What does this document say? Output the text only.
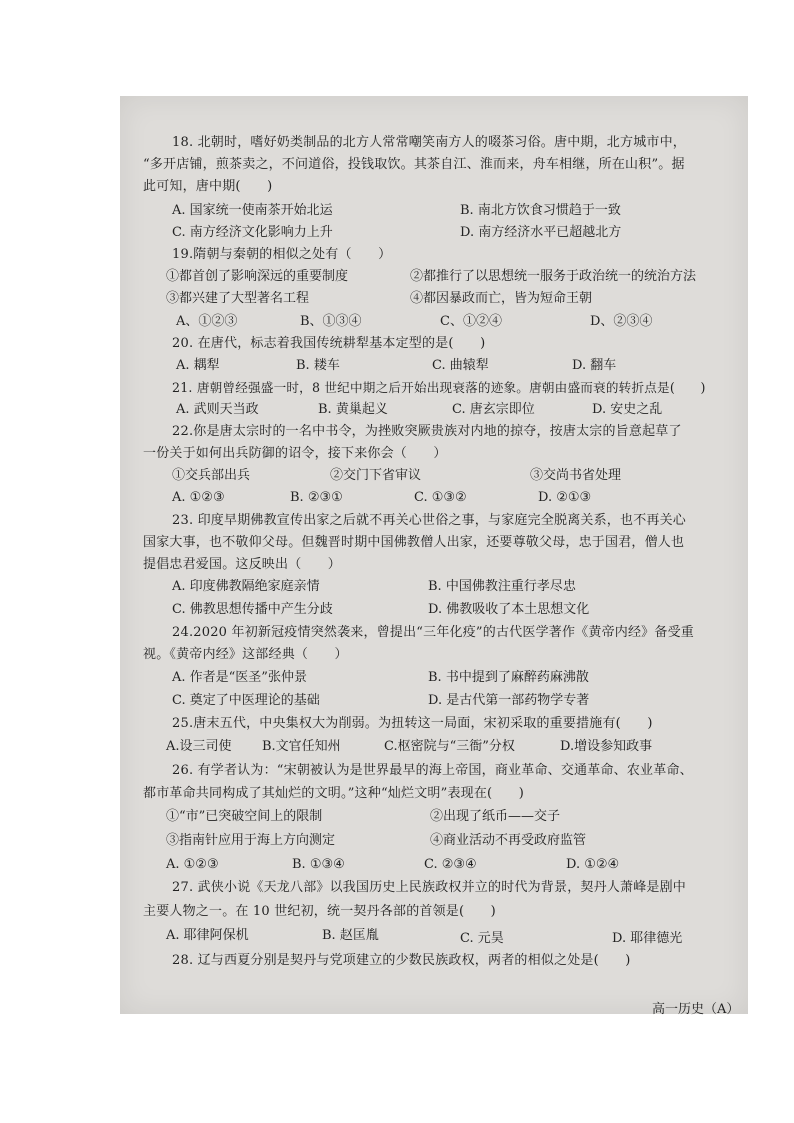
18. 北朝时，嗜好奶类制品的北方人常常嘲笑南方人的啜茶习俗。唐中期，北方城市中，
“多开店铺，煎茶卖之，不问道俗，投钱取饮。其茶自江、淮而来，舟车相继，所在山积”。据
此可知，唐中期(　　)
A. 国家统一使南茶开始北运	B. 南北方饮食习惯趋于一致
C. 南方经济文化影响力上升	D. 南方经济水平已超越北方
19.隋朝与秦朝的相似之处有（　　）
①都首创了影响深远的重要制度	②都推行了以思想统一服务于政治统一的统治方法
③都兴建了大型著名工程	④都因暴政而亡，皆为短命王朝
A、①②③	B、①③④	C、①②④	D、②③④
20. 在唐代，标志着我国传统耕犁基本定型的是(　　)
A. 耦犁	B. 耧车	C. 曲辕犁	D. 翻车
21. 唐朝曾经强盛一时，8 世纪中期之后开始出现衰落的迹象。唐朝由盛而衰的转折点是(　　)
A. 武则天当政	B. 黄巢起义	C. 唐玄宗即位	D. 安史之乱
22.你是唐太宗时的一名中书令，为挫败突厥贵族对内地的掠夺，按唐太宗的旨意起草了
一份关于如何出兵防御的诏令，接下来你会（　　）
①交兵部出兵	②交门下省审议	③交尚书省处理
A. ①②③	B. ②③①	C. ①③②	D. ②①③
23. 印度早期佛教宣传出家之后就不再关心世俗之事，与家庭完全脱离关系，也不再关心
国家大事，也不敬仰父母。但魏晋时期中国佛教僧人出家，还要尊敬父母，忠于国君，僧人也
提倡忠君爱国。这反映出（　　）
A. 印度佛教隔绝家庭亲情	B. 中国佛教注重行孝尽忠
C. 佛教思想传播中产生分歧	D. 佛教吸收了本土思想文化
24.2020 年初新冠疫情突然袭来，曾提出“三年化疫”的古代医学著作《黄帝内经》备受重
视。《黄帝内经》这部经典（　　）
A. 作者是“医圣”张仲景	B. 书中提到了麻醉药麻沸散
C. 奠定了中医理论的基础	D. 是古代第一部药物学专著
25.唐末五代，中央集权大为削弱。为扭转这一局面，宋初采取的重要措施有(　　)
A.设三司使 B.文官任知州	C.枢密院与“三衙”分权	D.增设参知政事
26. 有学者认为：“宋朝被认为是世界最早的海上帝国，商业革命、交通革命、农业革命、
都市革命共同构成了其灿烂的文明。”这种“灿烂文明”表现在(　　)
①“市”已突破空间上的限制	②出现了纸币——交子
③指南针应用于海上方向测定	④商业活动不再受政府监管
A. ①②③	B. ①③④	C. ②③④	D. ①②④
27. 武侠小说《天龙八部》以我国历史上民族政权并立的时代为背景，契丹人萧峰是剧中
主要人物之一。在 10 世纪初，统一契丹各部的首领是(　　)
A. 耶律阿保机	B. 赵匡胤	C. 元昊	D. 耶律德光
28. 辽与西夏分别是契丹与党项建立的少数民族政权，两者的相似之处是(　　)
高一历史（A）
